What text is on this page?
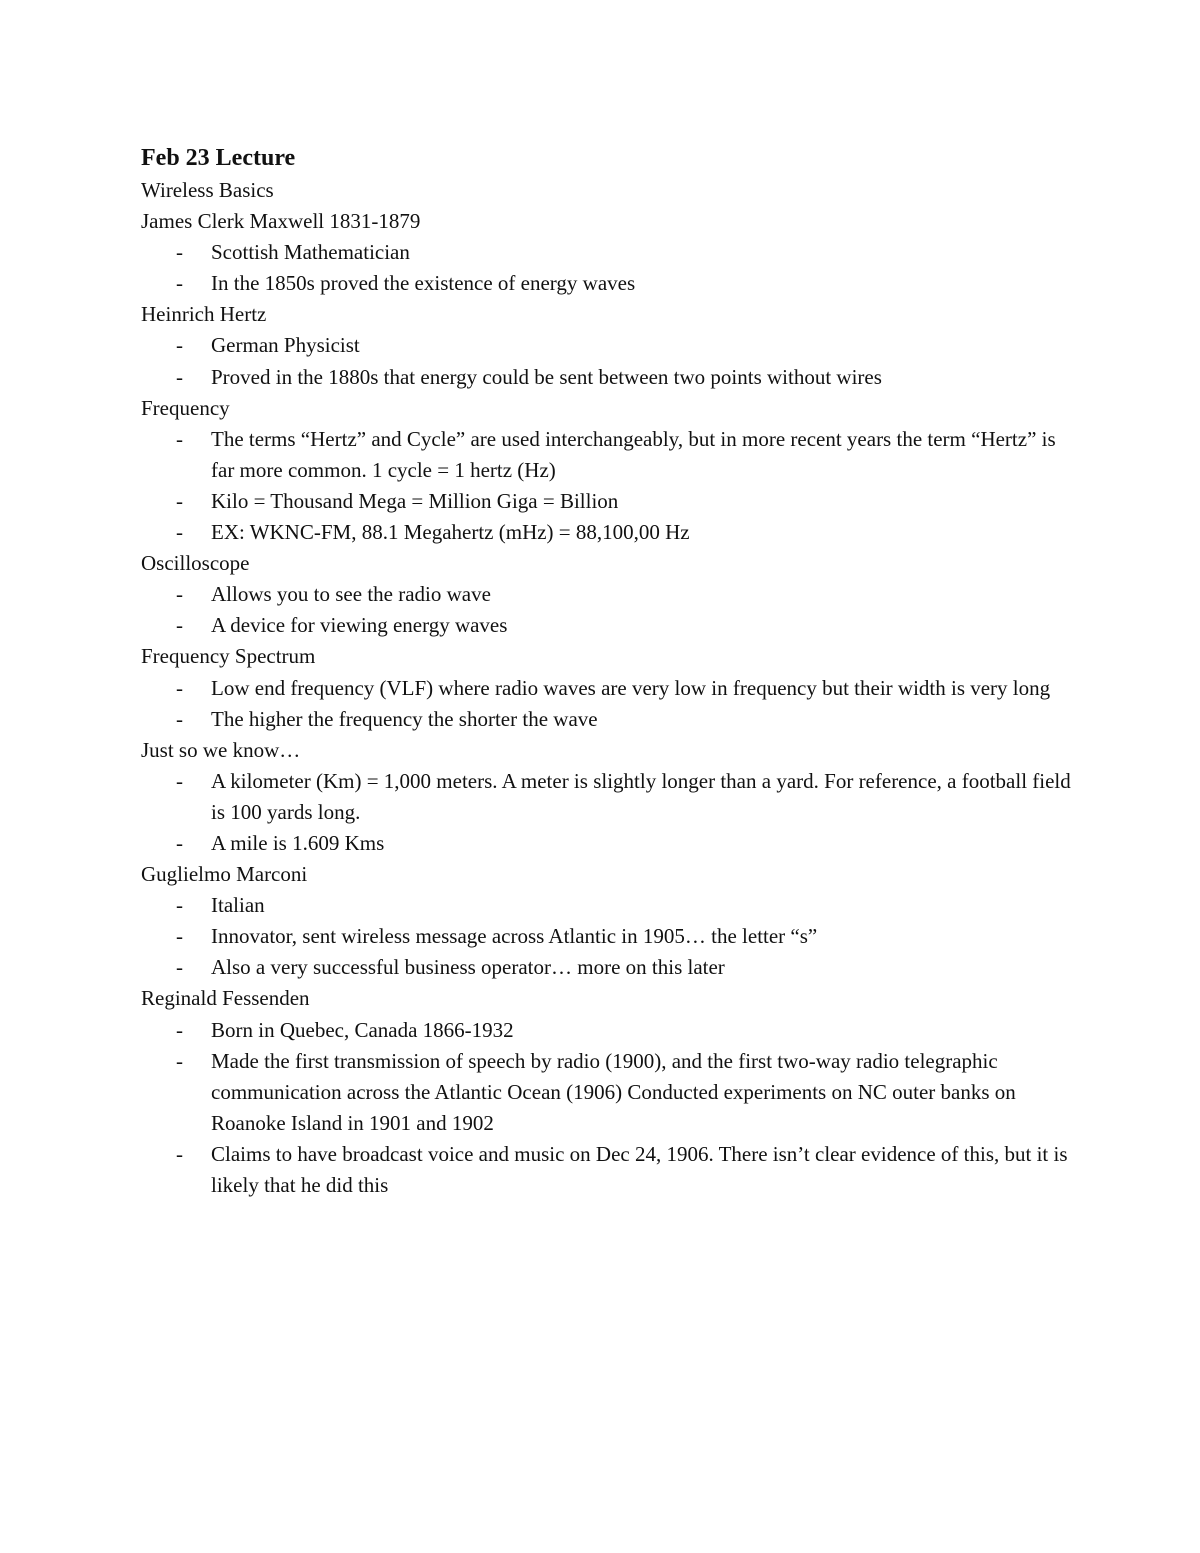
Feb 23 Lecture

Wireless Basics

James Clerk Maxwell 1831-1879

- Scottish Mathematician
- In the 1850s proved the existence of energy waves

Heinrich Hertz

- German Physicist
- Proved in the 1880s that energy could be sent between two points without wires

Frequency

- The terms “Hertz” and Cycle” are used interchangeably, but in more recent years the term “Hertz” is far more common. 1 cycle = 1 hertz (Hz)
- Kilo = Thousand Mega = Million Giga = Billion
- EX: WKNC-FM, 88.1 Megahertz (mHz) = 88,100,00 Hz

Oscilloscope

- Allows you to see the radio wave
- A device for viewing energy waves

Frequency Spectrum

- Low end frequency (VLF) where radio waves are very low in frequency but their width is very long
- The higher the frequency the shorter the wave

Just so we know…

- A kilometer (Km) = 1,000 meters. A meter is slightly longer than a yard. For reference, a football field is 100 yards long.
- A mile is 1.609 Kms

Guglielmo Marconi

- Italian
- Innovator, sent wireless message across Atlantic in 1905… the letter “s”
- Also a very successful business operator… more on this later

Reginald Fessenden

- Born in Quebec, Canada 1866-1932
- Made the first transmission of speech by radio (1900), and the first two-way radio telegraphic communication across the Atlantic Ocean (1906) Conducted experiments on NC outer banks on Roanoke Island in 1901 and 1902
- Claims to have broadcast voice and music on Dec 24, 1906. There isn’t clear evidence of this, but it is likely that he did this
